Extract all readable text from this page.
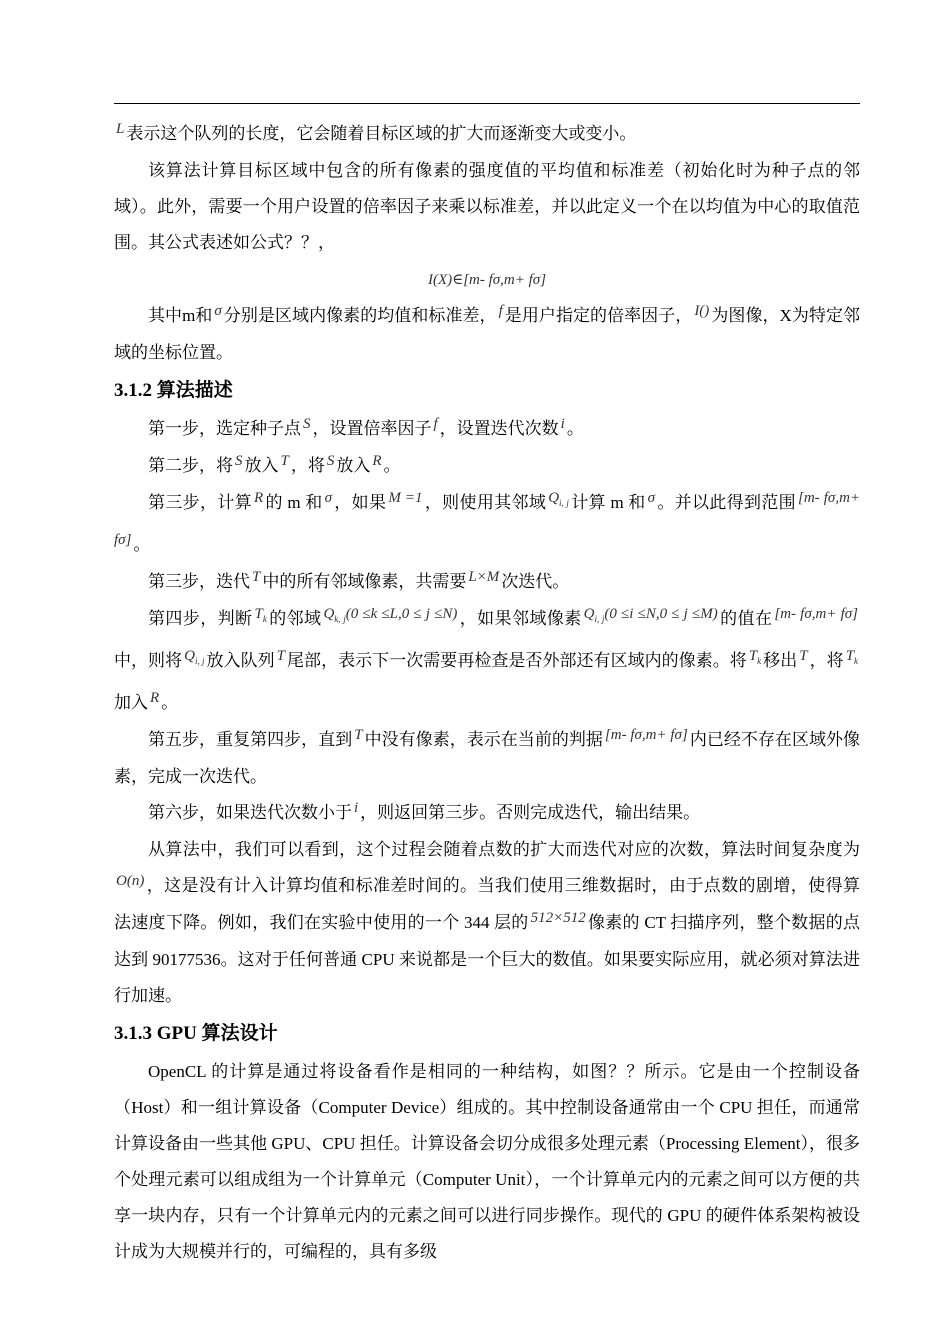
L 表示这个队列的长度，它会随着目标区域的扩大而逐渐变大或变小。

该算法计算目标区域中包含的所有像素的强度值的平均值和标准差（初始化时为种子点的邻域）。此外，需要一个用户设置的倍率因子来乘以标准差，并以此定义一个在以均值为中心的取值范围。其公式表述如公式？？，

I(X)∈[m- fσ,m+ fσ]

其中m和 σ 分别是区域内像素的均值和标准差， f 是用户指定的倍率因子， I() 为图像，X为特定邻域的坐标位置。

3.1.2 算法描述

第一步，选定种子点 S ，设置倍率因子 f ，设置迭代次数 i 。

第二步，将 S 放入 T ，将 S 放入 R 。

第三步，计算 R 的 m 和 σ ，如果 M =1 ，则使用其邻域 $Q_{i, j}$ 计算 m 和 σ 。并以此得到范围 [m- fσ,m+ fσ] 。

第三步，迭代 T 中的所有邻域像素，共需要 L×M 次迭代。

第四步，判断 $T_k$ 的邻域 $Q_{k, j}(0 \le k \le L,0 \le j \le N)$ ，如果邻域像素 $Q_{i, j}(0 \le i \le N,0 \le j \le M)$ 的值在 [m- fσ,m+ fσ]中，则将 $Q_{i, j}$ 放入队列 T 尾部，表示下一次需要再检查是否外部还有区域内的像素。将 $T_k$ 移出 T ，将 $T_k$加入 R 。

第五步，重复第四步，直到 T 中没有像素，表示在当前的判据 [m- fσ,m+ fσ] 内已经不存在区域外像素，完成一次迭代。

第六步，如果迭代次数小于 i ，则返回第三步。否则完成迭代，输出结果。

从算法中，我们可以看到，这个过程会随着点数的扩大而迭代对应的次数，算法时间复杂度为O(n) ，这是没有计入计算均值和标准差时间的。当我们使用三维数据时，由于点数的剧增，使得算法速度下降。例如，我们在实验中使用的一个 344 层的 512×512 像素的 CT 扫描序列，整个数据的点达到 90177536。这对于任何普通 CPU 来说都是一个巨大的数值。如果要实际应用，就必须对算法进行加速。

3.1.3 GPU 算法设计

OpenCL 的计算是通过将设备看作是相同的一种结构，如图？？所示。它是由一个控制设备（Host）和一组计算设备（Computer Device）组成的。其中控制设备通常由一个 CPU 担任，而通常计算设备由一些其他 GPU、CPU 担任。计算设备会切分成很多处理元素（Processing Element），很多个处理元素可以组成组为一个计算单元（Computer Unit），一个计算单元内的元素之间可以方便的共享一块内存，只有一个计算单元内的元素之间可以进行同步操作。现代的 GPU 的硬件体系架构被设计成为大规模并行的，可编程的，具有多级
